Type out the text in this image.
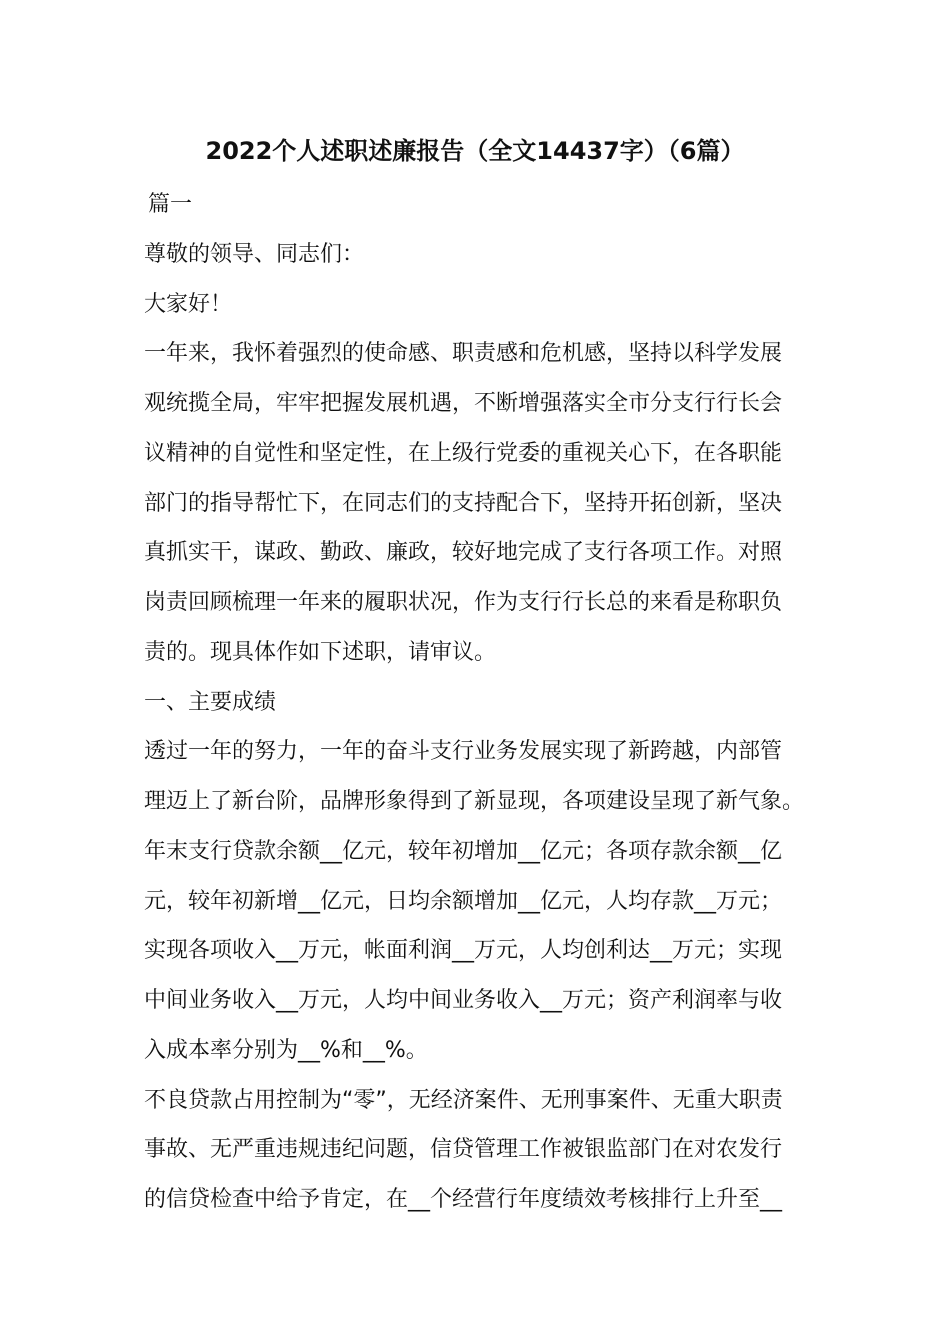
2022个人述职述廉报告（全文14437字）（6篇）
篇一
尊敬的领导、同志们：
大家好！
一年来，我怀着强烈的使命感、职责感和危机感，坚持以科学发展
观统揽全局，牢牢把握发展机遇，不断增强落实全市分支行行长会
议精神的自觉性和坚定性，在上级行党委的重视关心下，在各职能
部门的指导帮忙下，在同志们的支持配合下，坚持开拓创新，坚决
真抓实干，谋政、勤政、廉政，较好地完成了支行各项工作。对照
岗责回顾梳理一年来的履职状况，作为支行行长总的来看是称职负
责的。现具体作如下述职，请审议。
一、主要成绩
透过一年的努力，一年的奋斗支行业务发展实现了新跨越，内部管
理迈上了新台阶，品牌形象得到了新显现，各项建设呈现了新气象。
年末支行贷款余额__亿元，较年初增加__亿元；各项存款余额__亿
元，较年初新增__亿元，日均余额增加__亿元，人均存款__万元；
实现各项收入__万元，帐面利润__万元，人均创利达__万元；实现
中间业务收入__万元，人均中间业务收入__万元；资产利润率与收
入成本率分别为__%和__%。
不良贷款占用控制为“零”，无经济案件、无刑事案件、无重大职责
事故、无严重违规违纪问题，信贷管理工作被银监部门在对农发行
的信贷检查中给予肯定，在__个经营行年度绩效考核排行上升至__
